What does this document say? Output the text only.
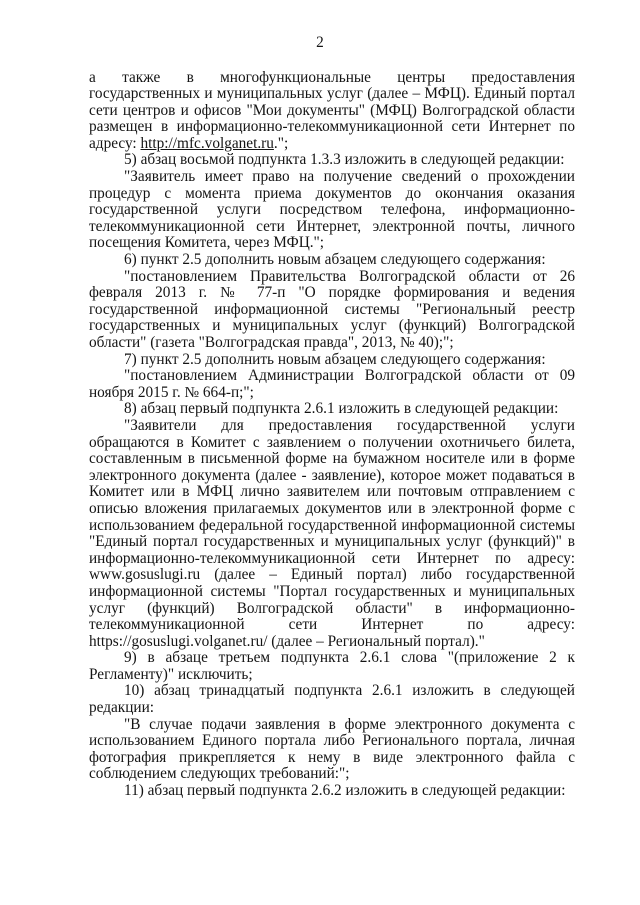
2

а также в многофункциональные центры предоставления государственных и муниципальных услуг (далее – МФЦ). Единый портал сети центров и офисов "Мои документы" (МФЦ) Волгоградской области размещен в информационно-телекоммуникационной сети Интернет по адресу: http://mfc.volganet.ru.";

5) абзац восьмой подпункта 1.3.3 изложить в следующей редакции:

"Заявитель имеет право на получение сведений о прохождении процедур с момента приема документов до окончания оказания государственной услуги посредством телефона, информационно-телекоммуникационной сети Интернет, электронной почты, личного посещения Комитета, через МФЦ.";

6) пункт 2.5 дополнить новым абзацем следующего содержания:

"постановлением Правительства Волгоградской области от 26 февраля 2013 г. № 77-п "О порядке формирования и ведения государственной информационной системы "Региональный реестр государственных и муниципальных услуг (функций) Волгоградской области" (газета "Волгоградская правда", 2013, № 40);";

7) пункт 2.5 дополнить новым абзацем следующего содержания:

"постановлением Администрации Волгоградской области от 09 ноября 2015 г. № 664-п;";

8) абзац первый подпункта 2.6.1 изложить в следующей редакции:

"Заявители для предоставления государственной услуги обращаются в Комитет с заявлением о получении охотничьего билета, составленным в письменной форме на бумажном носителе или в форме электронного документа (далее - заявление), которое может подаваться в Комитет или в МФЦ лично заявителем или почтовым отправлением с описью вложения прилагаемых документов или в электронной форме с использованием федеральной государственной информационной системы "Единый портал государственных и муниципальных услуг (функций)" в информационно-телекоммуникационной сети Интернет по адресу: www.gosuslugi.ru (далее – Единый портал) либо государственной информационной системы "Портал государственных и муниципальных услуг (функций) Волгоградской области" в информационно-телекоммуникационной сети Интернет по адресу: https://gosuslugi.volganet.ru/ (далее – Региональный портал)."

9) в абзаце третьем подпункта 2.6.1 слова "(приложение 2 к Регламенту)" исключить;

10) абзац тринадцатый подпункта 2.6.1 изложить в следующей редакции:

"В случае подачи заявления в форме электронного документа с использованием Единого портала либо Регионального портала, личная фотография прикрепляется к нему в виде электронного файла с соблюдением следующих требований:";

11) абзац первый подпункта 2.6.2 изложить в следующей редакции:
